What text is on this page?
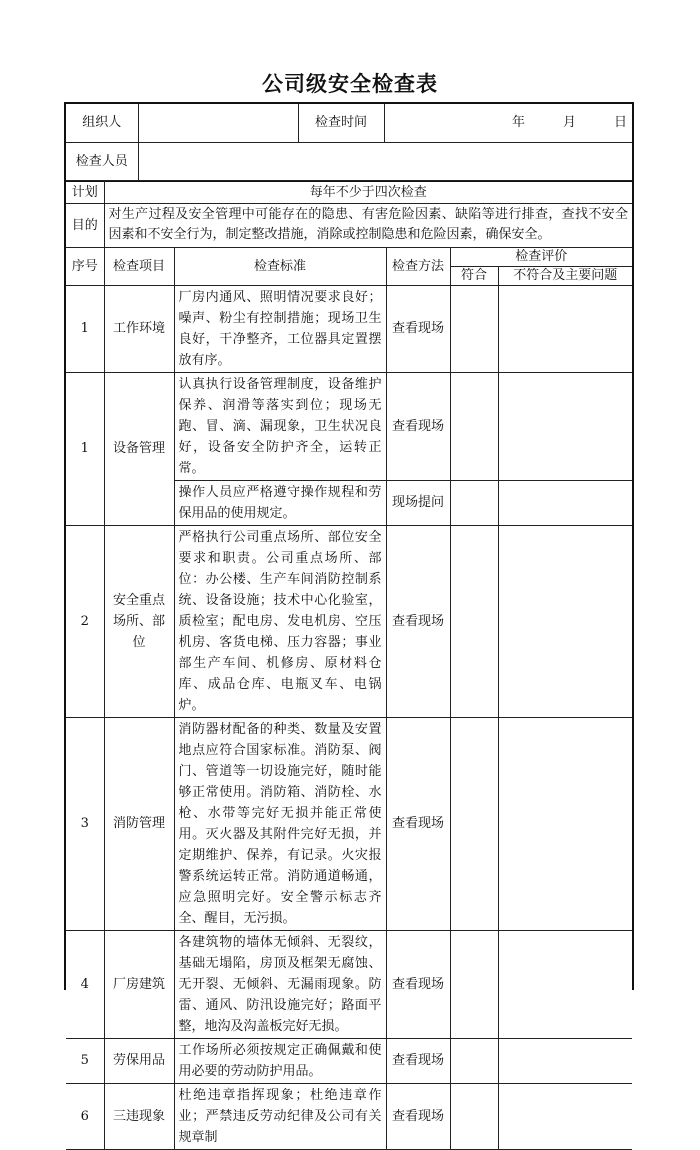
公司级安全检查表
组织人		检查时间	年 月 日
检查人员			
计划	每年不少于四次检查				
目的	对生产过程及安全管理中可能存在的隐患、有害危险因素、缺陷等进行排查，查找不安全因素和不安全行为，制定整改措施，消除或控制隐患和危险因素，确保安全。				
序号	检查项目	检查标准	检查方法	检查评价	
				符合	不符合及主要问题
1	工作环境	厂房内通风、照明情况要求良好；噪声、粉尘有控制措施；现场卫生良好，干净整齐，工位器具定置摆放有序。	查看现场		
1	设备管理	认真执行设备管理制度，设备维护保养、润滑等落实到位；现场无跑、冒、滴、漏现象，卫生状况良好，设备安全防护齐全，运转正常。	查看现场		
		操作人员应严格遵守操作规程和劳保用品的使用规定。	现场提问		
2	安全重点场所、部位	严格执行公司重点场所、部位安全要求和职责。公司重点场所、部位：办公楼、生产车间消防控制系统、设备设施；技术中心化验室，质检室；配电房、发电机房、空压机房、客货电梯、压力容器；事业部生产车间、机修房、原材料仓库、成品仓库、电瓶叉车、电锅炉。	查看现场		
3	消防管理	消防器材配备的种类、数量及安置地点应符合国家标准。消防泵、阀门、管道等一切设施完好，随时能够正常使用。消防箱、消防栓、水枪、水带等完好无损并能正常使用。灭火器及其附件完好无损，并定期维护、保养，有记录。火灾报警系统运转正常。消防通道畅通，应急照明完好。安全警示标志齐全、醒目，无污损。	查看现场		
4	厂房建筑	各建筑物的墙体无倾斜、无裂纹，基础无塌陷，房顶及框架无腐蚀、无开裂、无倾斜、无漏雨现象。防雷、通风、防汛设施完好；路面平整，地沟及沟盖板完好无损。	查看现场		
5	劳保用品	工作场所必须按规定正确佩戴和使用必要的劳动防护用品。	查看现场		
6	三违现象	杜绝违章指挥现象；杜绝违章作业；严禁违反劳动纪律及公司有关规章制	查看现场		
